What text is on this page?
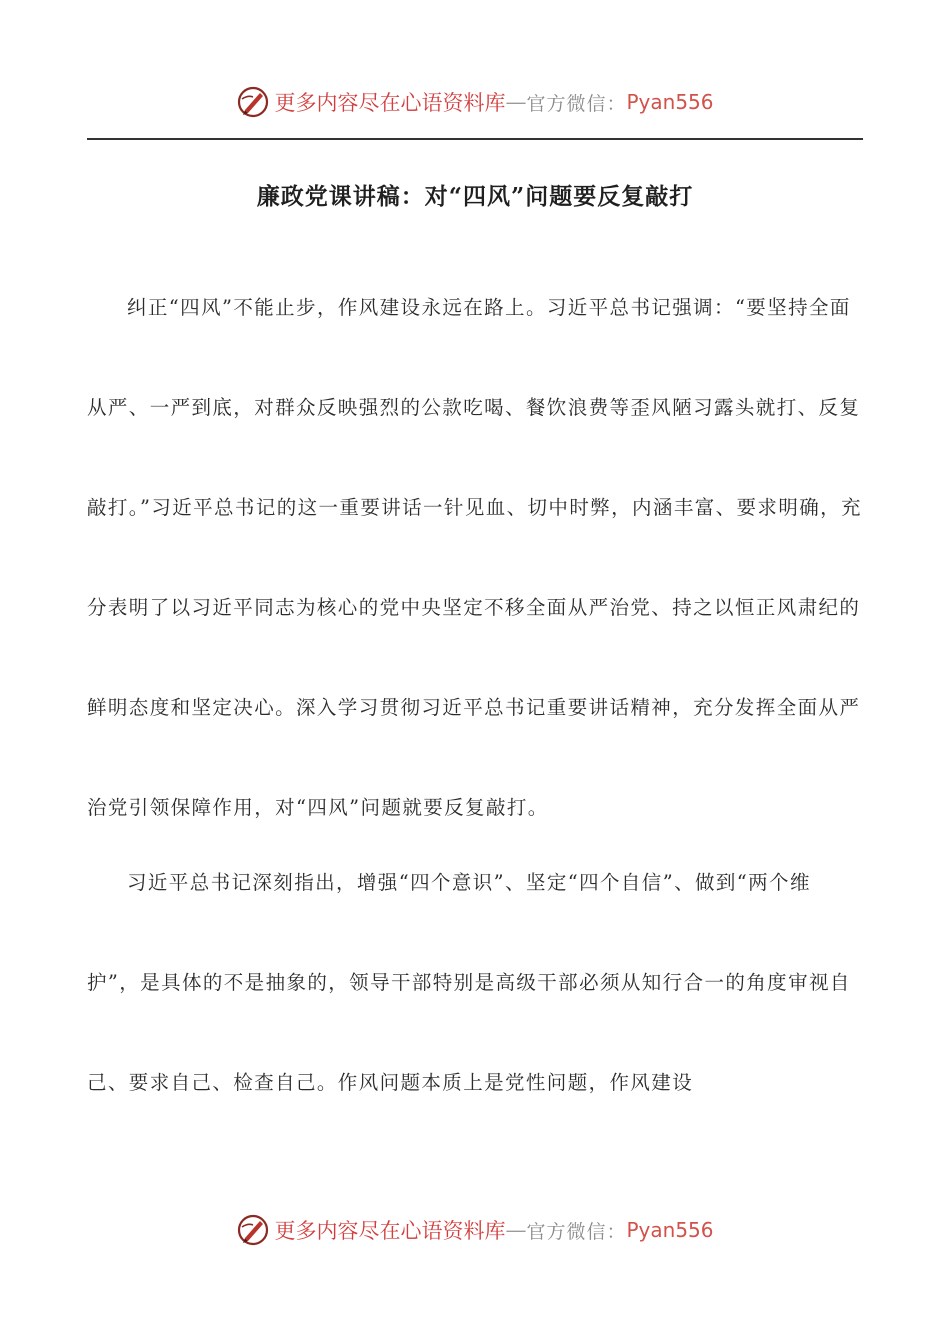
更多内容尽在心语资料库 — 官方微信： Pyan556
廉政党课讲稿：对“四风”问题要反复敲打

纠正“四风”不能止步，作风建设永远在路上。习近平总书记强调：“要坚持全面从严、一严到底，对群众反映强烈的公款吃喝、餐饮浪费等歪风陋习露头就打、反复敲打。”习近平总书记的这一重要讲话一针见血、切中时弊，内涵丰富、要求明确，充分表明了以习近平同志为核心的党中央坚定不移全面从严治党、持之以恒正风肃纪的鲜明态度和坚定决心。深入学习贯彻习近平总书记重要讲话精神，充分发挥全面从严治党引领保障作用，对“四风”问题就要反复敲打。

习近平总书记深刻指出，增强“四个意识”、坚定“四个自信”、做到“两个维护”，是具体的不是抽象的，领导干部特别是高级干部必须从知行合一的角度审视自己、要求自己、检查自己。作风问题本质上是党性问题，作风建设

更多内容尽在心语资料库 — 官方微信： Pyan556
